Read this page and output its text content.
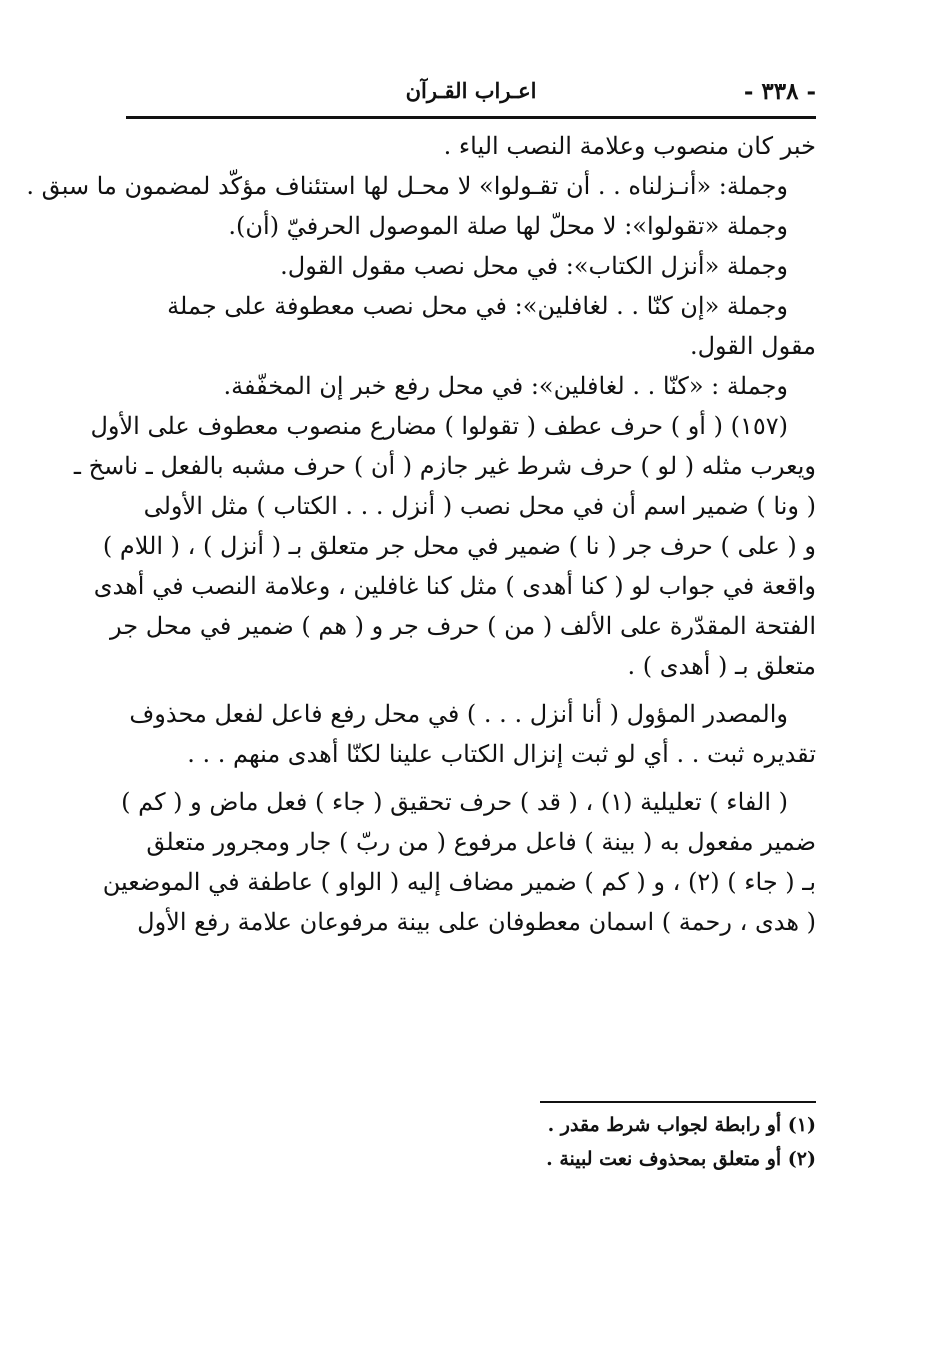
- ٣٣٨ -
اعـراب القـرآن
خبر كان منصوب وعلامة النصب الياء .
وجملة: «أنـزلناه . . أن تقـولوا» لا محـل لها استئناف مؤكّد لمضمون ما سبق .
وجملة «تقولوا»: لا محلّ لها صلة الموصول الحرفيّ (أن).
وجملة «أنزل الكتاب»: في محل نصب مقول القول.
وجملة «إن كنّا . . لغافلين»: في محل نصب معطوفة على جملة
مقول القول.
وجملة : «كنّا . . لغافلين»: في محل رفع خبر إن المخفّفة.
(١٥٧) ( أو ) حرف عطف ( تقولوا ) مضارع منصوب معطوف على الأول
ويعرب مثله ( لو ) حرف شرط غير جازم ( أن ) حرف مشبه بالفعل ـ ناسخ ـ
( ونا ) ضمير اسم أن في محل نصب ( أنزل . . . الكتاب ) مثل الأولى
و ( على ) حرف جر ( نا ) ضمير في محل جر متعلق بـ ( أنزل ) ، ( اللام )
واقعة في جواب لو ( كنا أهدى ) مثل كنا غافلين ، وعلامة النصب في أهدى
الفتحة المقدّرة على الألف ( من ) حرف جر و ( هم ) ضمير في محل جر
متعلق بـ ( أهدى ) .
والمصدر المؤول ( أنا أنزل . . . ) في محل رفع فاعل لفعل محذوف
تقديره ثبت . . أي لو ثبت إنزال الكتاب علينا لكنّا أهدى منهم . . .
( الفاء ) تعليلية (١) ، ( قد ) حرف تحقيق ( جاء ) فعل ماض و ( كم )
ضمير مفعول به ( بينة ) فاعل مرفوع ( من ربّ ) جار ومجرور متعلق
بـ ( جاء ) (٢) ، و ( كم ) ضمير مضاف إليه ( الواو ) عاطفة في الموضعين
( هدى ، رحمة ) اسمان معطوفان على بينة مرفوعان علامة رفع الأول
(١) أو رابطة لجواب شرط مقدر .
(٢) أو متعلق بمحذوف نعت لبينة .
